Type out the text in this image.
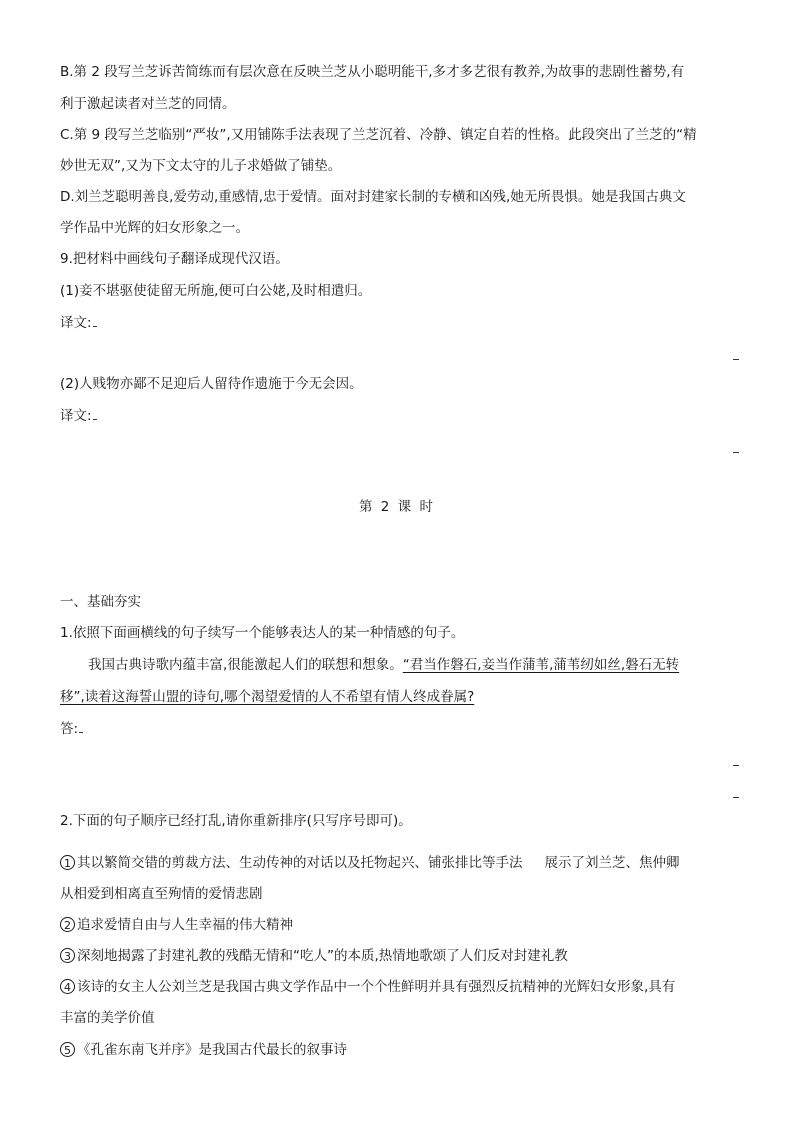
B.第 2 段写兰芝诉苦简练而有层次意在反映兰芝从小聪明能干,多才多艺很有教养,为故事的悲剧性蓄势,有
利于激起读者对兰芝的同情。
C.第 9 段写兰芝临别“严妆”,又用铺陈手法表现了兰芝沉着、冷静、镇定自若的性格。此段突出了兰芝的“精
妙世无双”,又为下文太守的儿子求婚做了铺垫。
D.刘兰芝聪明善良,爱劳动,重感情,忠于爱情。面对封建家长制的专横和凶残,她无所畏惧。她是我国古典文
学作品中光辉的妇女形象之一。
9.把材料中画线句子翻译成现代汉语。
(1)妾不堪驱使徒留无所施,便可白公姥,及时相遣归。
译文:
(2)人贱物亦鄙不足迎后人留待作遗施于今无会因。
译文:
第 2 课 时
一、基础夯实
1.依照下面画横线的句子续写一个能够表达人的某一种情感的句子。
我国古典诗歌内蕴丰富,很能激起人们的联想和想象。“君当作磐石,妾当作蒲苇,蒲苇纫如丝,磐石无转
移”,读着这海誓山盟的诗句,哪个渴望爱情的人不希望有情人终成眷属?
答:
2.下面的句子顺序已经打乱,请你重新排序(只写序号即可)。
1 其以繁简交错的剪裁方法、生动传神的对话以及托物起兴、铺张排比等手法 展示了刘兰芝、焦仲卿
从相爱到相离直至殉情的爱情悲剧
2 追求爱情自由与人生幸福的伟大精神
3 深刻地揭露了封建礼教的残酷无情和“吃人”的本质,热情地歌颂了人们反对封建礼教
4 该诗的女主人公刘兰芝是我国古典文学作品中一个个性鲜明并具有强烈反抗精神的光辉妇女形象,具有
丰富的美学价值
5 《孔雀东南飞并序》是我国古代最长的叙事诗
